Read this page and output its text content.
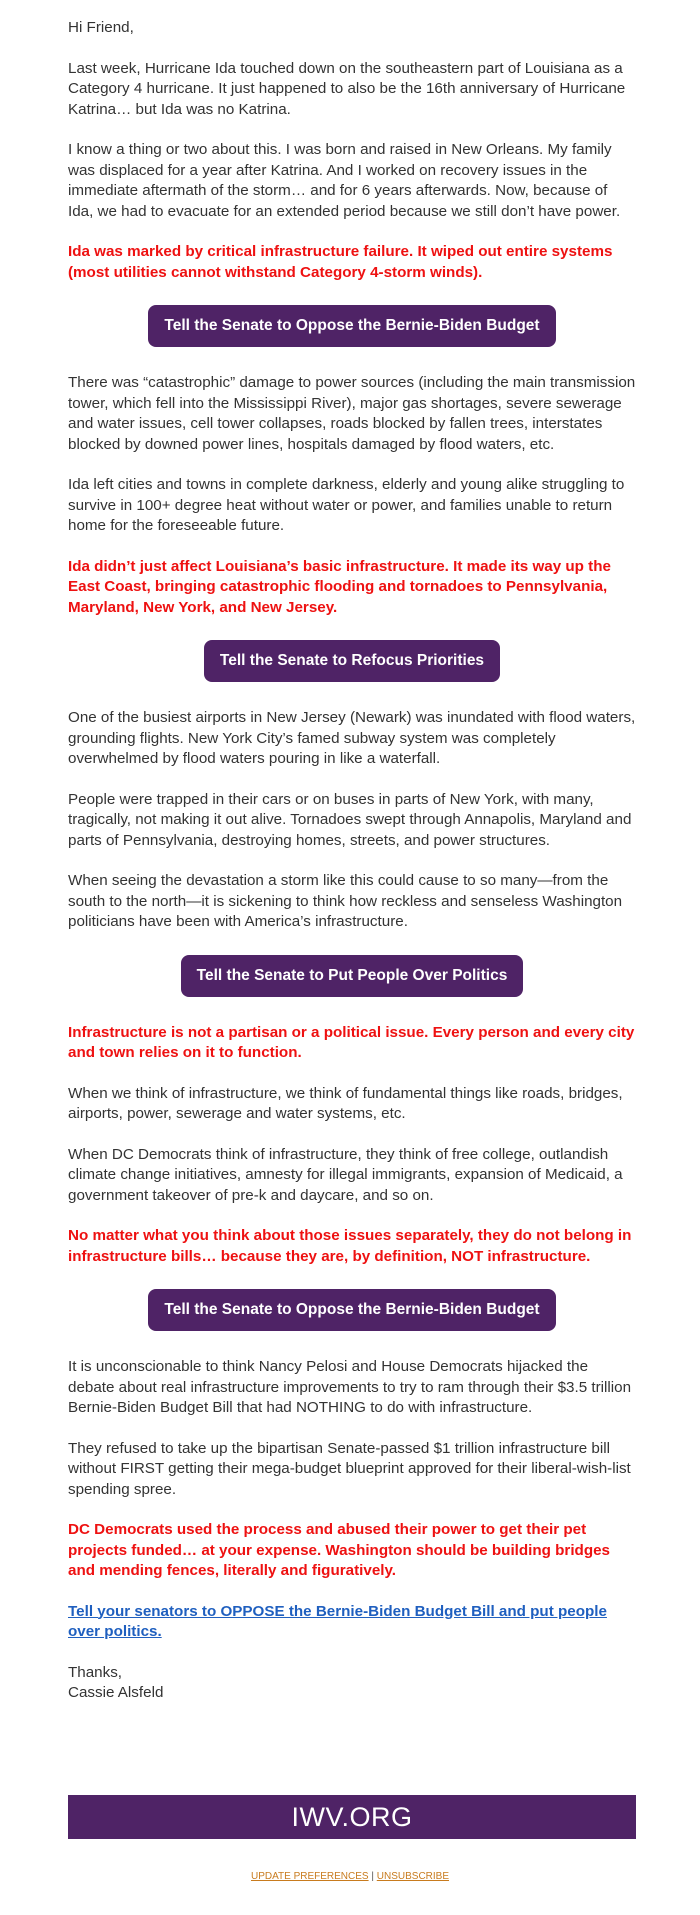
Hi Friend,

Last week, Hurricane Ida touched down on the southeastern part of Louisiana as a Category 4 hurricane. It just happened to also be the 16th anniversary of Hurricane Katrina… but Ida was no Katrina.

I know a thing or two about this. I was born and raised in New Orleans. My family was displaced for a year after Katrina. And I worked on recovery issues in the immediate aftermath of the storm… and for 6 years afterwards. Now, because of Ida, we had to evacuate for an extended period because we still don’t have power.

Ida was marked by critical infrastructure failure. It wiped out entire systems (most utilities cannot withstand Category 4-storm winds).

Tell the Senate to Oppose the Bernie-Biden Budget

There was “catastrophic” damage to power sources (including the main transmission tower, which fell into the Mississippi River), major gas shortages, severe sewerage and water issues, cell tower collapses, roads blocked by fallen trees, interstates blocked by downed power lines, hospitals damaged by flood waters, etc.

Ida left cities and towns in complete darkness, elderly and young alike struggling to survive in 100+ degree heat without water or power, and families unable to return home for the foreseeable future.

Ida didn’t just affect Louisiana’s basic infrastructure. It made its way up the East Coast, bringing catastrophic flooding and tornadoes to Pennsylvania, Maryland, New York, and New Jersey.

Tell the Senate to Refocus Priorities

One of the busiest airports in New Jersey (Newark) was inundated with flood waters, grounding flights. New York City’s famed subway system was completely overwhelmed by flood waters pouring in like a waterfall.

People were trapped in their cars or on buses in parts of New York, with many, tragically, not making it out alive. Tornadoes swept through Annapolis, Maryland and parts of Pennsylvania, destroying homes, streets, and power structures.

When seeing the devastation a storm like this could cause to so many—from the south to the north—it is sickening to think how reckless and senseless Washington politicians have been with America’s infrastructure.

Tell the Senate to Put People Over Politics

Infrastructure is not a partisan or a political issue. Every person and every city and town relies on it to function.

When we think of infrastructure, we think of fundamental things like roads, bridges, airports, power, sewerage and water systems, etc.

When DC Democrats think of infrastructure, they think of free college, outlandish climate change initiatives, amnesty for illegal immigrants, expansion of Medicaid, a government takeover of pre-k and daycare, and so on.

No matter what you think about those issues separately, they do not belong in infrastructure bills… because they are, by definition, NOT infrastructure.

Tell the Senate to Oppose the Bernie-Biden Budget

It is unconscionable to think Nancy Pelosi and House Democrats hijacked the debate about real infrastructure improvements to try to ram through their $3.5 trillion Bernie-Biden Budget Bill that had NOTHING to do with infrastructure.

They refused to take up the bipartisan Senate-passed $1 trillion infrastructure bill without FIRST getting their mega-budget blueprint approved for their liberal-wish-list spending spree.

DC Democrats used the process and abused their power to get their pet projects funded… at your expense. Washington should be building bridges and mending fences, literally and figuratively.

Tell your senators to OPPOSE the Bernie-Biden Budget Bill and put people over politics.

Thanks,

Cassie Alsfeld

IWV.ORG
UPDATE PREFERENCES | UNSUBSCRIBE
